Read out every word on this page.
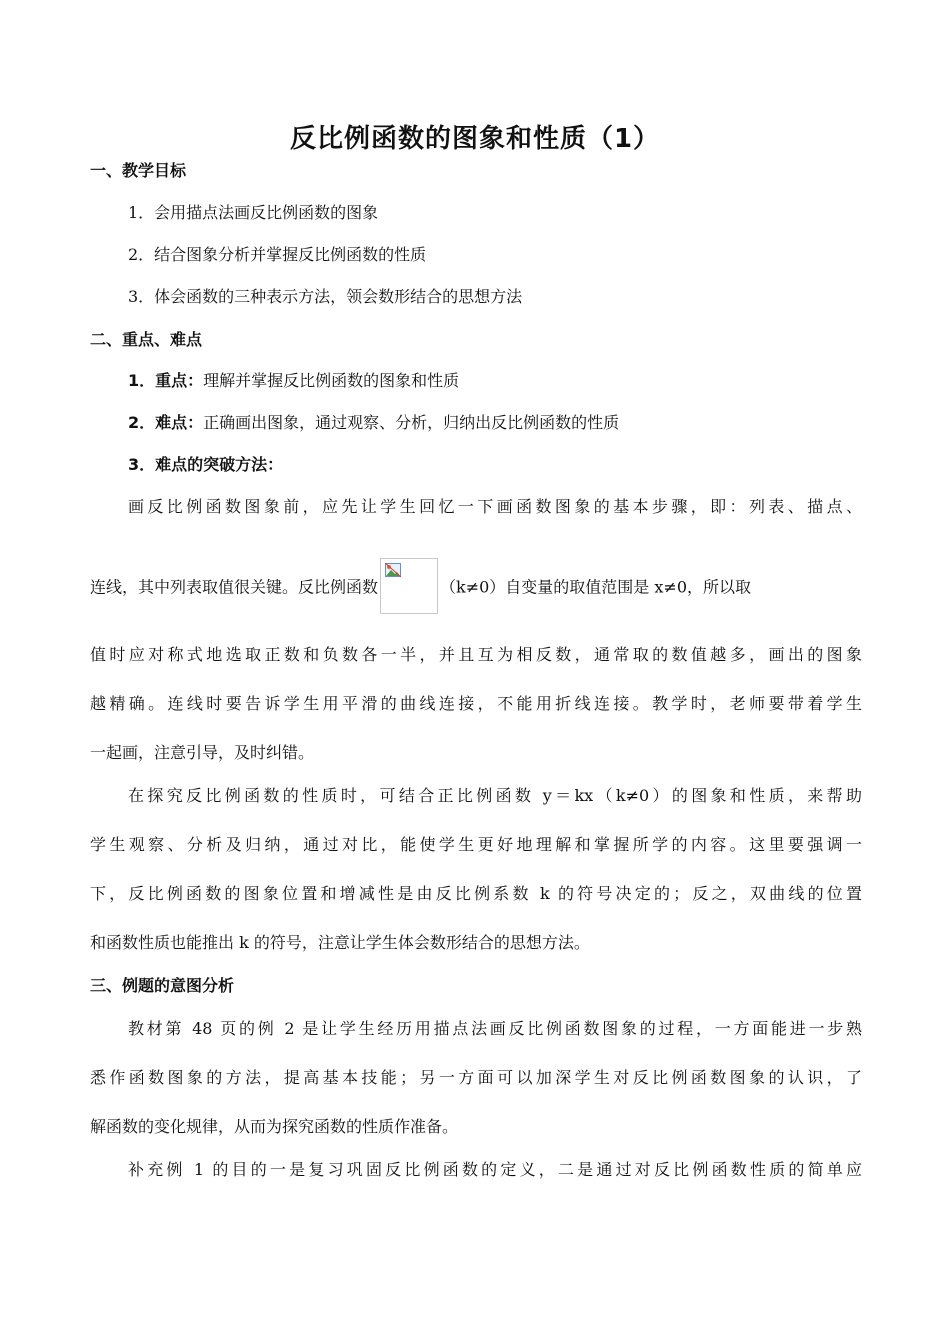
反比例函数的图象和性质（1）
一、教学目标
1．会用描点法画反比例函数的图象
2．结合图象分析并掌握反比例函数的性质
3．体会函数的三种表示方法，领会数形结合的思想方法
二、重点、难点
1．重点：理解并掌握反比例函数的图象和性质
2．难点：正确画出图象，通过观察、分析，归纳出反比例函数的性质
3．难点的突破方法：
画反比例函数图象前，应先让学生回忆一下画函数图象的基本步骤，即：列表、描点、
连线，其中列表取值很关键。反比例函数	（k≠0）自变量的取值范围是 x≠0，所以取
值时应对称式地选取正数和负数各一半，并且互为相反数，通常取的数值越多，画出的图象
越精确。连线时要告诉学生用平滑的曲线连接，不能用折线连接。教学时，老师要带着学生
一起画，注意引导，及时纠错。
在探究反比例函数的性质时，可结合正比例函数 y＝kx（k≠0）的图象和性质，来帮助
学生观察、分析及归纳，通过对比，能使学生更好地理解和掌握所学的内容。这里要强调一
下，反比例函数的图象位置和增减性是由反比例系数 k 的符号决定的；反之，双曲线的位置
和函数性质也能推出 k 的符号，注意让学生体会数形结合的思想方法。
三、例题的意图分析
教材第 48 页的例 2 是让学生经历用描点法画反比例函数图象的过程，一方面能进一步熟
悉作函数图象的方法，提高基本技能；另一方面可以加深学生对反比例函数图象的认识，了
解函数的变化规律，从而为探究函数的性质作准备。
补充例 1 的目的一是复习巩固反比例函数的定义，二是通过对反比例函数性质的简单应
